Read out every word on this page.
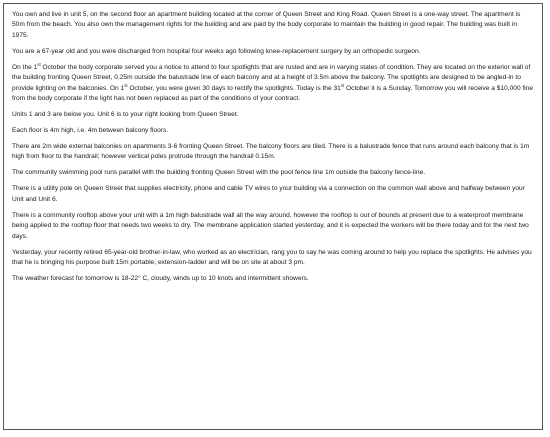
You own and live in unit 5, on the second floor an apartment building located at the corner of Queen Street and King Road. Queen Street is a one-way street. The apartment is 50m from the beach. You also own the management rights for the building and are paid by the body corporate to maintain the building in good repair. The building was built in 1975.

You are a 67-year old and you were discharged from hospital four weeks ago following knee-replacement surgery by an orthopedic surgeon.

On the 1st October the body corporate served you a notice to attend to four spotlights that are rusted and are in varying states of condition. They are located on the exterior wall of the building fronting Queen Street, 0.25m outside the balustrade line of each balcony and at a height of 3.5m above the balcony. The spotlights are designed to be angled-in to provide lighting on the balconies. On 1st October, you were given 30 days to rectify the spotlights. Today is the 31st October it is a Sunday. Tomorrow you will receive a $10,000 fine from the body corporate if the light has not been replaced as part of the conditions of your contract.

Units 1 and 3 are below you. Unit 6 is to your right looking from Queen Street.

Each floor is 4m high, i.e. 4m between balcony floors.

There are 2m wide external balconies on apartments 3-6 fronting Queen Street. The balcony floors are tiled. There is a balustrade fence that runs around each balcony that is 1m high from floor to the handrail; however vertical poles protrude through the handrail 0.15m.

The community swimming pool runs parallel with the building fronting Queen Street with the pool fence line 1m outside the balcony fence-line.

There is a utility pole on Queen Street that supplies electricity, phone and cable TV wires to your building via a connection on the common wall above and halfway between your Unit and Unit 6.

There is a community rooftop above your unit with a 1m high balustrade wall all the way around, however the rooftop is out of bounds at present due to a waterproof membrane being applied to the rooftop floor that needs two weeks to dry. The membrane application started yesterday, and it is expected the workers will be there today and for the next two days.

Yesterday, your recently retired 65-year-old brother-in-law, who worked as an electrician, rang you to say he was coming around to help you replace the spotlights. He advises you that he is bringing his purpose built 15m portable, extension-ladder and will be on site at about 3 pm.

The weather forecast for tomorrow is 18-22° C, cloudy, winds up to 10 knots and intermittent showers.
